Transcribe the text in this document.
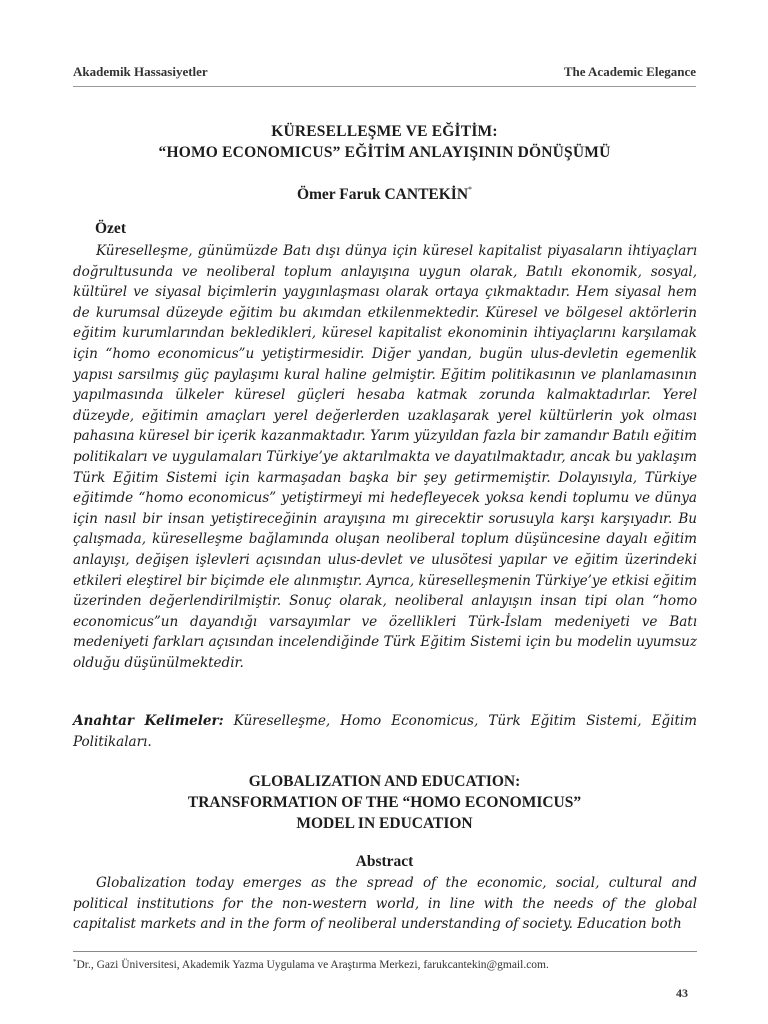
Akademik Hassasiyetler	The Academic Elegance
KÜRESELLEŞME VE EĞİTİM:
“HOMO ECONOMICUS” EĞİTİM ANLAYIŞININ DÖNÜŞÜMÜ
Ömer Faruk CANTEKİN*
Özet

Küreselleşme, günümüzde Batı dışı dünya için küresel kapitalist piyasaların ihtiyaçları doğrultusunda ve neoliberal toplum anlayışına uygun olarak, Batılı ekonomik, sosyal, kültürel ve siyasal biçimlerin yaygınlaşması olarak ortaya çıkmaktadır. Hem siyasal hem de kurumsal düzeyde eğitim bu akımdan etkilenmektedir. Küresel ve bölgesel aktörlerin eğitim kurumlarından bekledikleri, küresel kapitalist ekonominin ihtiyaçlarını karşılamak için “homo economicus”u yetiştirmesidir. Diğer yandan, bugün ulus-devletin egemenlik yapısı sarsılmış güç paylaşımı kural haline gelmiştir. Eğitim politikasının ve planlamasının yapılmasında ülkeler küresel güçleri hesaba katmak zorunda kalmaktadırlar. Yerel düzeyde, eğitimin amaçları yerel değerlerden uzaklaşarak yerel kültürlerin yok olması pahasına küresel bir içerik kazanmaktadır. Yarım yüzyıldan fazla bir zamandır Batılı eğitim politikaları ve uygulamaları Türkiye’ye aktarılmakta ve dayatılmaktadır, ancak bu yaklaşım Türk Eğitim Sistemi için karmaşadan başka bir şey getirmemiştir. Dolayısıyla, Türkiye eğitimde “homo economicus” yetiştirmeyi mi hedefleyecek yoksa kendi toplumu ve dünya için nasıl bir insan yetiştireceğinin arayışına mı girecektir sorusuyla karşı karşıyadır. Bu çalışmada, küreselleşme bağlamında oluşan neoliberal toplum düşüncesine dayalı eğitim anlayışı, değişen işlevleri açısından ulus-devlet ve ulusötesi yapılar ve eğitim üzerindeki etkileri eleştirel bir biçimde ele alınmıştır. Ayrıca, küreselleşmenin Türkiye’ye etkisi eğitim üzerinden değerlendirilmiştir. Sonuç olarak, neoliberal anlayışın insan tipi olan “homo economicus”un dayandığı varsayımlar ve özellikleri Türk-İslam medeniyeti ve Batı medeniyeti farkları açısından incelendiğinde Türk Eğitim Sistemi için bu modelin uyumsuz olduğu düşünülmektedir.

Anahtar Kelimeler: Küreselleşme, Homo Economicus, Türk Eğitim Sistemi, Eğitim Politikaları.
GLOBALIZATION AND EDUCATION:
TRANSFORMATION OF THE “HOMO ECONOMICUS”
MODEL IN EDUCATION
Abstract

Globalization today emerges as the spread of the economic, social, cultural and political institutions for the non-western world, in line with the needs of the global capitalist markets and in the form of neoliberal understanding of society. Education both

*Dr., Gazi Üniversitesi, Akademik Yazma Uygulama ve Araştırma Merkezi, farukcantekin@gmail.com.
43
